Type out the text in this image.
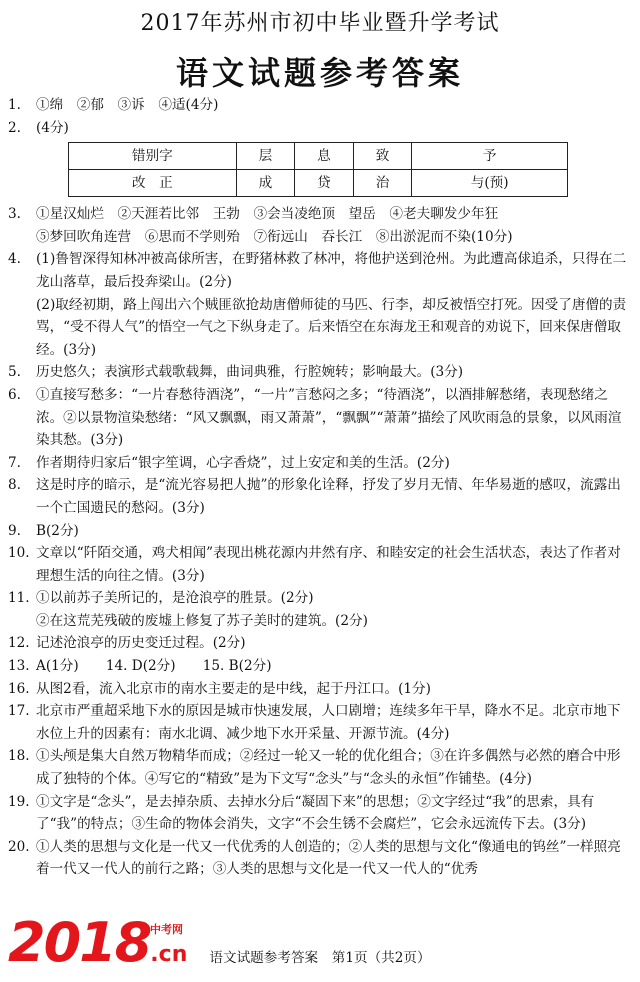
2017年苏州市初中毕业暨升学考试
语文试题参考答案
1.	①绵　②郁　③诉　④适(4分)
2.	(4分)
错别字	层	息	致	予
改　正	成	贷	治	与(预)
3.	①星汉灿烂　②天涯若比邻　王勃　③会当凌绝顶　望岳　④老夫聊发少年狂

⑤梦回吹角连营　⑥思而不学则殆　⑦衔远山　吞长江　⑧出淤泥而不染(10分)

4.	(1)鲁智深得知林冲被高俅所害，在野猪林救了林冲，将他护送到沧州。为此遭高俅追杀，只得在二龙山落草，最后投奔梁山。(2分)

(2)取经初期，路上闯出六个贼匪欲抢劫唐僧师徒的马匹、行李，却反被悟空打死。因受了唐僧的责骂，“受不得人气”的悟空一气之下纵身走了。后来悟空在东海龙王和观音的劝说下，回来保唐僧取经。(3分)

5.	历史悠久；表演形式载歌载舞，曲词典雅，行腔婉转；影响最大。(3分)
6.	①直接写愁多：“一片春愁待酒浇”，“一片”言愁闷之多；“待酒浇”，以酒排解愁绪，表现愁绪之浓。②以景物渲染愁绪：“风又飘飘，雨又萧萧”，“飘飘”“萧萧”描绘了风吹雨急的景象，以风雨渲染其愁。(3分)
7.	作者期待归家后“银字笙调，心字香烧”，过上安定和美的生活。(2分)
8.	这是时序的暗示，是“流光容易把人抛”的形象化诠释，抒发了岁月无情、年华易逝的感叹，流露出一个亡国遗民的愁闷。(3分)
9.	B(2分)
10. 文章以“阡陌交通，鸡犬相闻”表现出桃花源内井然有序、和睦安定的社会生活状态，表达了作者对理想生活的向往之情。(3分)
11. ①以前苏子美所记的，是沧浪亭的胜景。(2分)

②在这荒芜残破的废墟上修复了苏子美时的建筑。(2分)

12. 记述沧浪亭的历史变迁过程。(2分)
13. A(1分)　　14. D(2分)　　15. B(2分)
16. 从图2看，流入北京市的南水主要走的是中线，起于丹江口。(1分)
17. 北京市严重超采地下水的原因是城市快速发展，人口剧增；连续多年干旱，降水不足。北京市地下水位上升的因素有：南水北调、减少地下水开采量、开源节流。(4分)
18. ①头颅是集大自然万物精华而成；②经过一轮又一轮的优化组合；③在许多偶然与必然的磨合中形成了独特的个体。④写它的“精致”是为下文写“念头”与“念头的永恒”作铺垫。(4分)
19. ①文字是“念头”，是去掉杂质、去掉水分后“凝固下来”的思想；②文字经过“我”的思索，具有了“我”的特点；③生命的物体会消失，文字“不会生锈不会腐烂”，它会永远流传下去。(3分)
20. ①人类的思想与文化是一代又一代优秀的人创造的；②人类的思想与文化“像通电的钨丝”一样照亮着一代又一代人的前行之路；③人类的思想与文化是一代又一代人的“优秀
2018.cn
中考网
语文试题参考答案　第1页（共2页）
